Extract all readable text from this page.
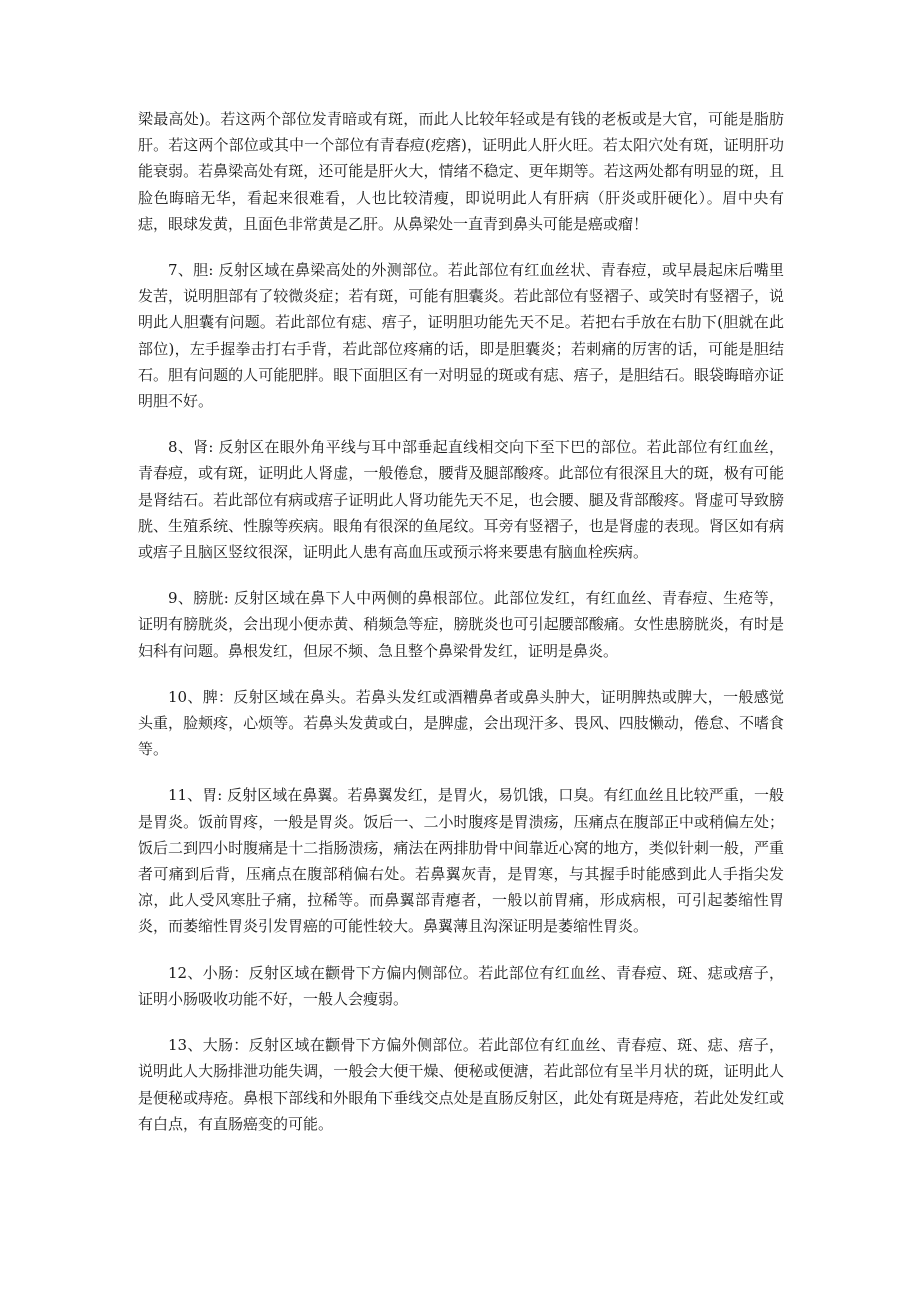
梁最高处)。若这两个部位发青暗或有斑，而此人比较年轻或是有钱的老板或是大官，可能是脂肪肝。若这两个部位或其中一个部位有青春痘(疙瘩)，证明此人肝火旺。若太阳穴处有斑，证明肝功能衰弱。若鼻梁高处有斑，还可能是肝火大，情绪不稳定、更年期等。若这两处都有明显的斑，且脸色晦暗无华，看起来很难看，人也比较清瘦，即说明此人有肝病（肝炎或肝硬化）。眉中央有痣，眼球发黄，且面色非常黄是乙肝。从鼻梁处一直青到鼻头可能是癌或瘤！

7、胆: 反射区域在鼻梁高处的外测部位。若此部位有红血丝状、青春痘，或早晨起床后嘴里发苦，说明胆部有了较微炎症；若有斑，可能有胆囊炎。若此部位有竖褶子、或笑时有竖褶子，说明此人胆囊有问题。若此部位有痣、痦子，证明胆功能先天不足。若把右手放在右肋下(胆就在此部位)，左手握拳击打右手背，若此部位疼痛的话，即是胆囊炎；若刺痛的厉害的话，可能是胆结石。胆有问题的人可能肥胖。眼下面胆区有一对明显的斑或有痣、痦子，是胆结石。眼袋晦暗亦证明胆不好。

8、肾: 反射区在眼外角平线与耳中部垂起直线相交向下至下巴的部位。若此部位有红血丝，青春痘，或有斑，证明此人肾虚，一般倦怠，腰背及腿部酸疼。此部位有很深且大的斑，极有可能是肾结石。若此部位有病或痦子证明此人肾功能先天不足，也会腰、腿及背部酸疼。肾虚可导致膀胱、生殖系统、性腺等疾病。眼角有很深的鱼尾纹。耳旁有竖褶子，也是肾虚的表现。肾区如有病或痦子且脑区竖纹很深，证明此人患有高血压或预示将来要患有脑血栓疾病。

9、膀胱: 反射区域在鼻下人中两侧的鼻根部位。此部位发红，有红血丝、青春痘、生疮等，证明有膀胱炎，会出现小便赤黄、稍频急等症，膀胱炎也可引起腰部酸痛。女性患膀胱炎，有时是妇科有问题。鼻根发红，但尿不频、急且整个鼻梁骨发红，证明是鼻炎。

10、脾：反射区域在鼻头。若鼻头发红或酒糟鼻者或鼻头肿大，证明脾热或脾大，一般感觉头重，脸颊疼，心烦等。若鼻头发黄或白，是脾虚，会出现汗多、畏风、四肢懒动，倦怠、不嗜食等。

11、胃: 反射区域在鼻翼。若鼻翼发红，是胃火，易饥饿，口臭。有红血丝且比较严重，一般是胃炎。饭前胃疼，一般是胃炎。饭后一、二小时腹疼是胃溃疡，压痛点在腹部正中或稍偏左处；饭后二到四小时腹痛是十二指肠溃疡，痛法在两排肋骨中间靠近心窝的地方，类似针刺一般，严重者可痛到后背，压痛点在腹部稍偏右处。若鼻翼灰青，是胃寒，与其握手时能感到此人手指尖发凉，此人受风寒肚子痛，拉稀等。而鼻翼部青瘪者，一般以前胃痛，形成病根，可引起萎缩性胃炎，而萎缩性胃炎引发胃癌的可能性较大。鼻翼薄且沟深证明是萎缩性胃炎。

12、小肠：反射区域在颧骨下方偏内侧部位。若此部位有红血丝、青春痘、斑、痣或痦子，证明小肠吸收功能不好，一般人会瘦弱。

13、大肠：反射区域在颧骨下方偏外侧部位。若此部位有红血丝、青春痘、斑、痣、痦子，说明此人大肠排泄功能失调，一般会大便干燥、便秘或便溏，若此部位有呈半月状的斑，证明此人是便秘或痔疮。鼻根下部线和外眼角下垂线交点处是直肠反射区，此处有斑是痔疮，若此处发红或有白点，有直肠癌变的可能。
